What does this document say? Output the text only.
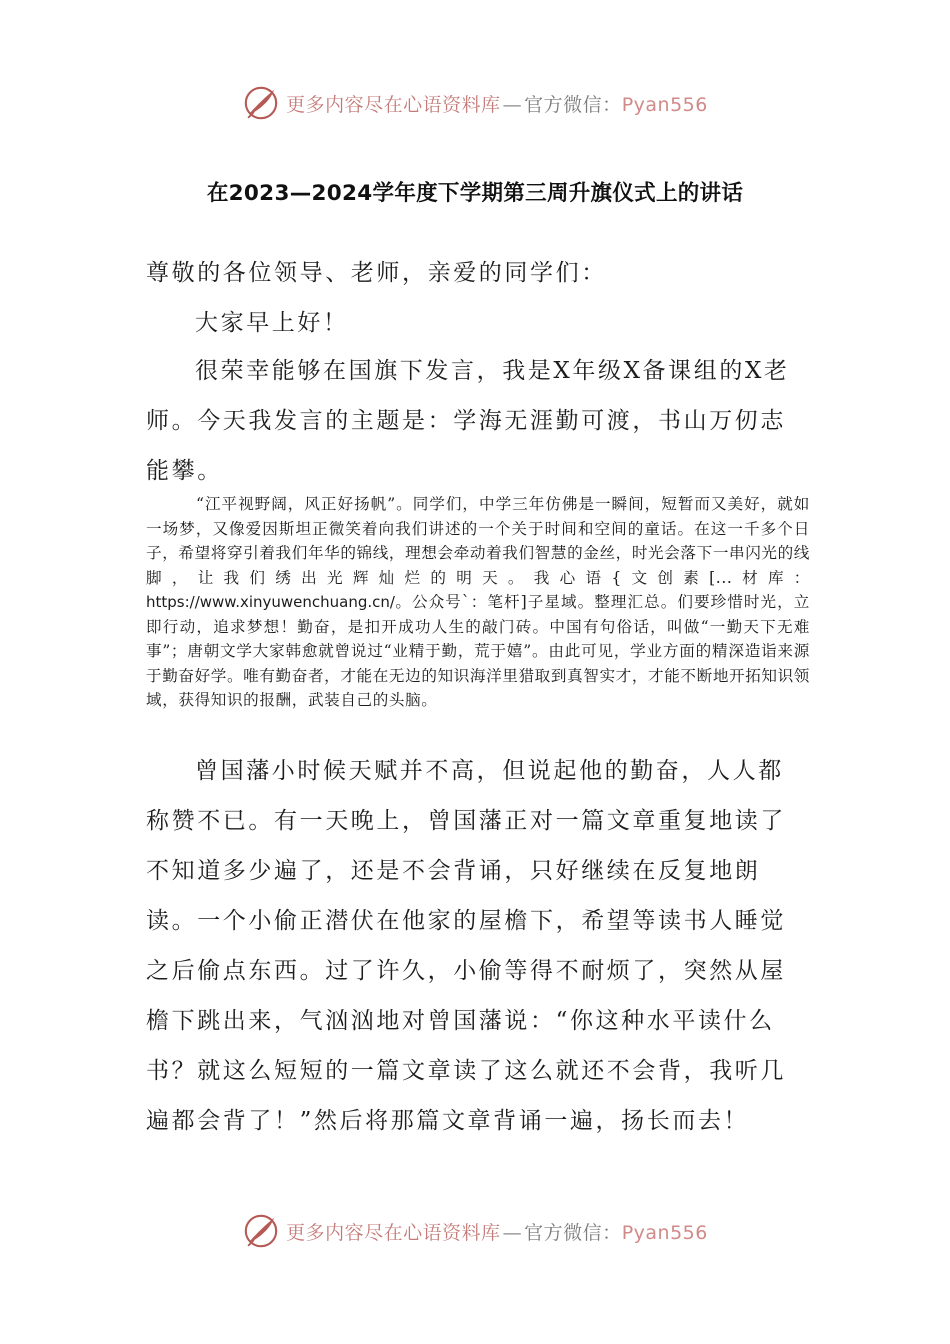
更多内容尽在心语资料库 — 官方微信：Pyan556
在2023—2024学年度下学期第三周升旗仪式上的讲话

尊敬的各位领导、老师，亲爱的同学们：

大家早上好！

很荣幸能够在国旗下发言，我是X年级X备课组的X老师。今天我发言的主题是：学海无涯勤可渡，书山万仞志能攀。

“江平视野阔，风正好扬帆”。同学们，中学三年仿佛是一瞬间，短暂而又美好，就如一场梦，又像爱因斯坦正微笑着向我们讲述的一个关于时间和空间的童话。在这一千多个日子，希望将穿引着我们年华的锦线，理想会牵动着我们智慧的金丝，时光会落下一串闪光的线脚，让我们绣出光辉灿烂的明天。我心语{文创素[...材库：https://www.xinyuwenchuang.cn/。公众号`：笔杆]子星域。整理汇总。们要珍惜时光，立即行动，追求梦想！勤奋，是扣开成功人生的敲门砖。中国有句俗话，叫做“一勤天下无难事”；唐朝文学大家韩愈就曾说过“业精于勤，荒于嬉”。由此可见，学业方面的精深造诣来源于勤奋好学。唯有勤奋者，才能在无边的知识海洋里猎取到真智实才，才能不断地开拓知识领域，获得知识的报酬，武装自己的头脑。

曾国藩小时候天赋并不高，但说起他的勤奋，人人都称赞不已。有一天晚上，曾国藩正对一篇文章重复地读了不知道多少遍了，还是不会背诵，只好继续在反复地朗读。一个小偷正潜伏在他家的屋檐下，希望等读书人睡觉之后偷点东西。过了许久，小偷等得不耐烦了，突然从屋檐下跳出来，气汹汹地对曾国藩说：“你这种水平读什么书？就这么短短的一篇文章读了这么就还不会背，我听几遍都会背了！”然后将那篇文章背诵一遍，扬长而去！

更多内容尽在心语资料库 — 官方微信：Pyan556
